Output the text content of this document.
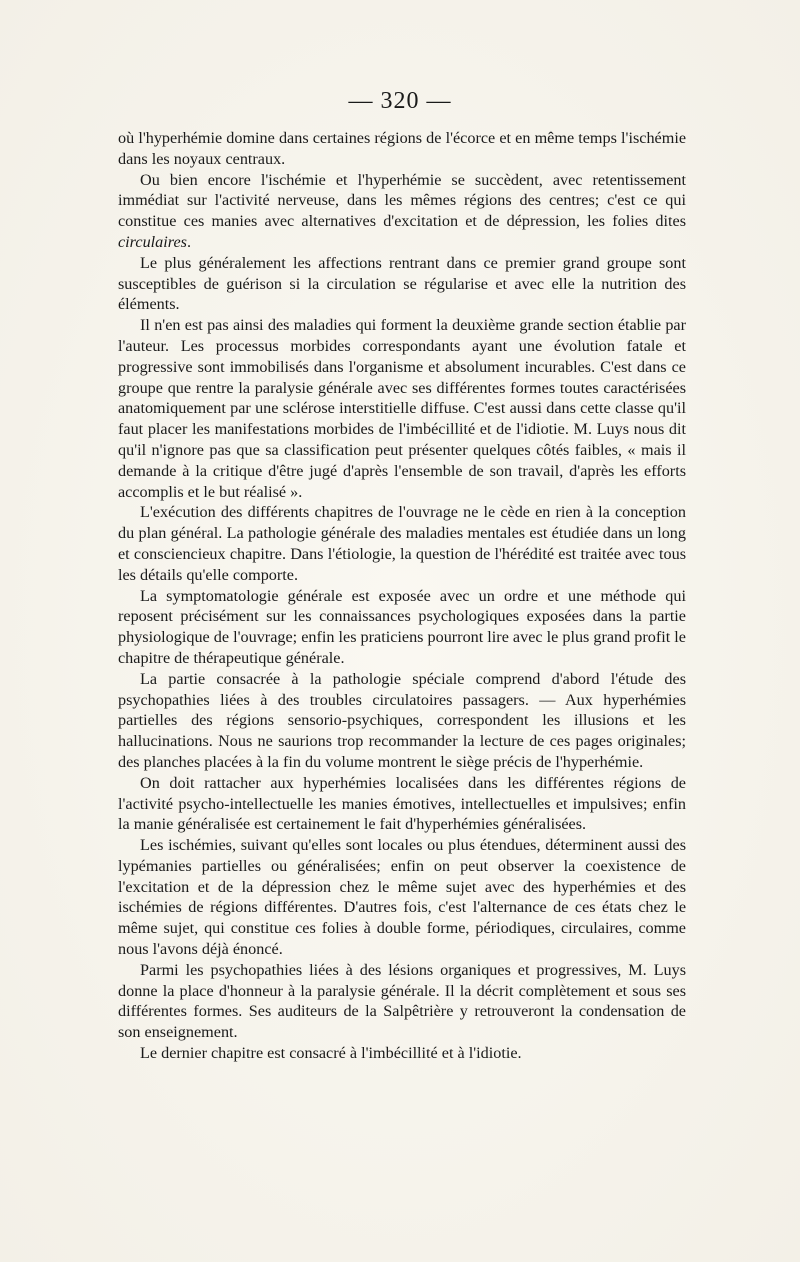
— 320 —

où l'hyperhémie domine dans certaines régions de l'écorce et en même temps l'ischémie dans les noyaux centraux.

Ou bien encore l'ischémie et l'hyperhémie se succèdent, avec retentissement immédiat sur l'activité nerveuse, dans les mêmes régions des centres; c'est ce qui constitue ces manies avec alternatives d'excitation et de dépression, les folies dites circulaires.

Le plus généralement les affections rentrant dans ce premier grand groupe sont susceptibles de guérison si la circulation se régularise et avec elle la nutrition des éléments.

Il n'en est pas ainsi des maladies qui forment la deuxième grande section établie par l'auteur. Les processus morbides correspondants ayant une évolution fatale et progressive sont immobilisés dans l'organisme et absolument incurables. C'est dans ce groupe que rentre la paralysie générale avec ses différentes formes toutes caractérisées anatomiquement par une sclérose interstitielle diffuse. C'est aussi dans cette classe qu'il faut placer les manifestations morbides de l'imbécillité et de l'idiotie. M. Luys nous dit qu'il n'ignore pas que sa classification peut présenter quelques côtés faibles, « mais il demande à la critique d'être jugé d'après l'ensemble de son travail, d'après les efforts accomplis et le but réalisé ».

L'exécution des différents chapitres de l'ouvrage ne le cède en rien à la conception du plan général. La pathologie générale des maladies mentales est étudiée dans un long et consciencieux chapitre. Dans l'étiologie, la question de l'hérédité est traitée avec tous les détails qu'elle comporte.

La symptomatologie générale est exposée avec un ordre et une méthode qui reposent précisément sur les connaissances psychologiques exposées dans la partie physiologique de l'ouvrage; enfin les praticiens pourront lire avec le plus grand profit le chapitre de thérapeutique générale.

La partie consacrée à la pathologie spéciale comprend d'abord l'étude des psychopathies liées à des troubles circulatoires passagers. — Aux hyperhémies partielles des régions sensorio-psychiques, correspondent les illusions et les hallucinations. Nous ne saurions trop recommander la lecture de ces pages originales; des planches placées à la fin du volume montrent le siège précis de l'hyperhémie.

On doit rattacher aux hyperhémies localisées dans les différentes régions de l'activité psycho-intellectuelle les manies émotives, intellectuelles et impulsives; enfin la manie généralisée est certainement le fait d'hyperhémies généralisées.

Les ischémies, suivant qu'elles sont locales ou plus étendues, déterminent aussi des lypémanies partielles ou généralisées; enfin on peut observer la coexistence de l'excitation et de la dépression chez le même sujet avec des hyperhémies et des ischémies de régions différentes. D'autres fois, c'est l'alternance de ces états chez le même sujet, qui constitue ces folies à double forme, périodiques, circulaires, comme nous l'avons déjà énoncé.

Parmi les psychopathies liées à des lésions organiques et progressives, M. Luys donne la place d'honneur à la paralysie générale. Il la décrit complètement et sous ses différentes formes. Ses auditeurs de la Salpêtrière y retrouveront la condensation de son enseignement.

Le dernier chapitre est consacré à l'imbécillité et à l'idiotie.
